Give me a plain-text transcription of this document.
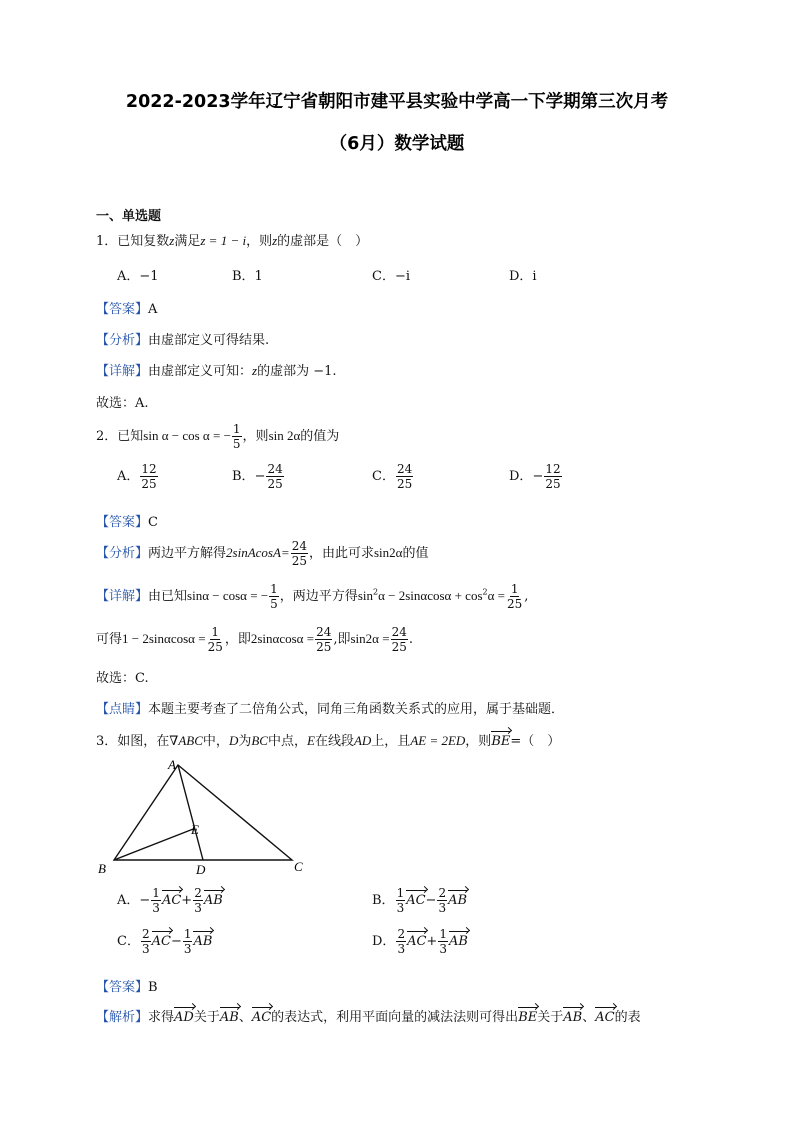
2022-2023学年辽宁省朝阳市建平县实验中学高一下学期第三次月考
（6月）数学试题
一、单选题
1．已知复数z满足z = 1 − i，则z的虚部是（　）
A．−1	B．1	C．−i	D．i
【答案】A
【分析】由虚部定义可得结果.
【详解】由虚部定义可知：z的虚部为 −1.
故选：A.
2．已知sin α − cos α = − $\frac{1}{5}$ ，则sin 2α的值为
A． $\frac{12}{25}$	B．− $\frac{24}{25}$	C． $\frac{24}{25}$	D．− $\frac{12}{25}$
【答案】C
【分析】两边平方解得2sinAcosA= $\frac{24}{25}$ ，由此可求sin2α的值
【详解】由已知sinα − cosα = − $\frac{1}{5}$ ，两边平方得$\sin^2\alpha - 2\sin\alpha\cos\alpha + \cos^2\alpha = \frac{1}{25}$ ,
可得$1 - 2\sin\alpha\cos\alpha = \frac{1}{25}$ ，即$2\sin\alpha\cos\alpha = \frac{24}{25}$ ,即$\sin 2\alpha = \frac{24}{25}$ .
故选：C.
【点睛】本题主要考查了二倍角公式，同角三角函数关系式的应用，属于基础题．
3．如图，在∇ABC中，D为BC中点，E在线段AD上，且AE = 2ED，则BE=（　）
A
B	C
D
E
A．− $\frac{1}{3} AC+ \frac{2}{3}$ AB	B． $\frac{1}{3} AC- \frac{2}{3}$ AB
C． $\frac{2}{3} AC- \frac{1}{3}$ AB	D． $\frac{2}{3} AC+ \frac{1}{3}$ AB
【答案】B
【解析】求得AD关于AB、AC的表达式，利用平面向量的减法法则可得出BE关于AB、AC的表
